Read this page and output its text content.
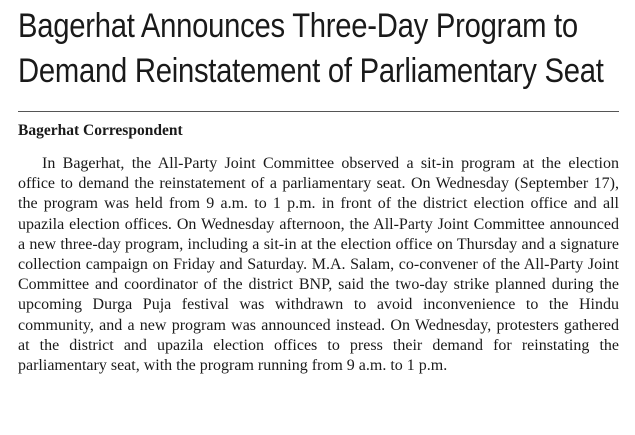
Bagerhat Announces Three-Day Program to
Demand Reinstatement of Parliamentary Seat
Bagerhat Correspondent

In Bagerhat, the All-Party Joint Committee observed a sit-in program at the election office to demand the reinstatement of a parliamentary seat. On Wednesday (September 17), the program was held from 9 a.m. to 1 p.m. in front of the district election office and all upazila election offices. On Wednesday afternoon, the All-Party Joint Committee announced a new three-day program, including a sit-in at the election office on Thursday and a signature collection campaign on Friday and Saturday. M.A. Salam, co-convener of the All-Party Joint Committee and coordinator of the district BNP, said the two-day strike planned during the upcoming Durga Puja festival was withdrawn to avoid inconvenience to the Hindu community, and a new program was announced instead. On Wednesday, protesters gathered at the district and upazila election offices to press their demand for reinstating the parliamentary seat, with the program running from 9 a.m. to 1 p.m.
